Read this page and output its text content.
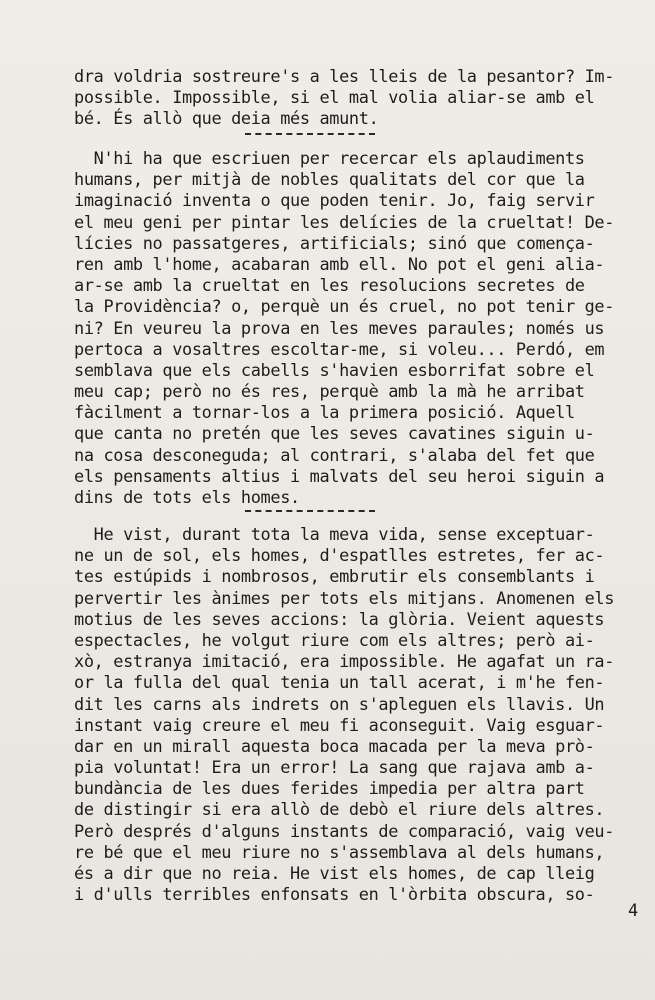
dra voldria sostreure's a les lleis de la pesantor? Im-
possible. Impossible, si el mal volia aliar-se amb el
bé. És allò que deia més amunt.
N'hi ha que escriuen per recercar els aplaudiments
humans, per mitjà de nobles qualitats del cor que la
imaginació inventa o que poden tenir. Jo, faig servir
el meu geni per pintar les delícies de la crueltat! De-
lícies no passatgeres, artificials; sinó que comença-
ren amb l'home, acabaran amb ell. No pot el geni alia-
ar-se amb la crueltat en les resolucions secretes de
la Providència? o, perquè un és cruel, no pot tenir ge-
ni? En veureu la prova en les meves paraules; només us
pertoca a vosaltres escoltar-me, si voleu... Perdó, em
semblava que els cabells s'havien esborrifat sobre el
meu cap; però no és res, perquè amb la mà he arribat
fàcilment a tornar-los a la primera posició. Aquell
que canta no pretén que les seves cavatines siguin u-
na cosa desconeguda; al contrari, s'alaba del fet que
els pensaments altius i malvats del seu heroi siguin a
dins de tots els homes.
He vist, durant tota la meva vida, sense exceptuar-
ne un de sol, els homes, d'espatlles estretes, fer ac-
tes estúpids i nombrosos, embrutir els consemblants i
pervertir les ànimes per tots els mitjans. Anomenen els
motius de les seves accions: la glòria. Veient aquests
espectacles, he volgut riure com els altres; però ai-
xò, estranya imitació, era impossible. He agafat un ra-
or la fulla del qual tenia un tall acerat, i m'he fen-
dit les carns als indrets on s'apleguen els llavis. Un
instant vaig creure el meu fi aconseguit. Vaig esguar-
dar en un mirall aquesta boca macada per la meva prò-
pia voluntat! Era un error! La sang que rajava amb a-
bundància de les dues ferides impedia per altra part
de distingir si era allò de debò el riure dels altres.
Però després d'alguns instants de comparació, vaig veu-
re bé que el meu riure no s'assemblava al dels humans,
és a dir que no reia. He vist els homes, de cap lleig
i d'ulls terribles enfonsats en l'òrbita obscura, so-
4
